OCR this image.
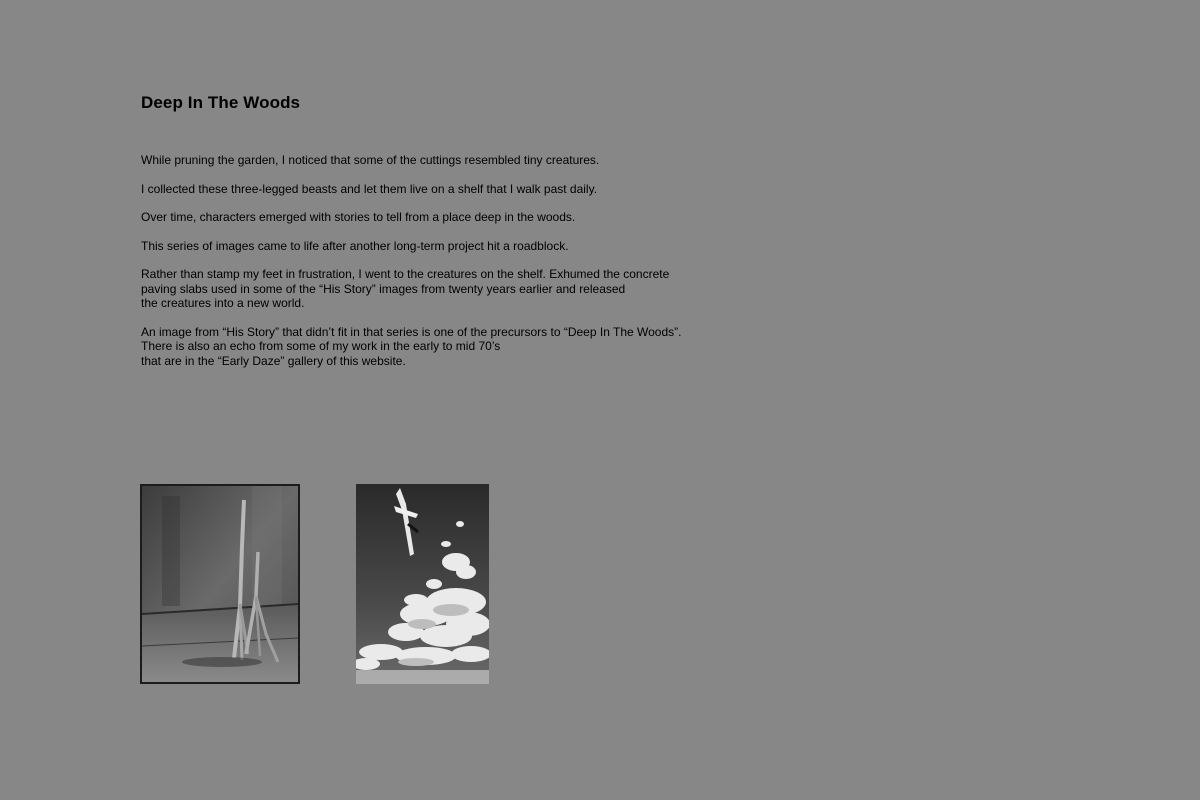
Deep In The Woods

While pruning the garden, I noticed that some of the cuttings resembled tiny creatures.

I collected these three-legged beasts and let them live on a shelf that I walk past daily.

Over time, characters emerged with stories to tell from a place deep in the woods.

This series of images came to life after another long-term project hit a roadblock.

Rather than stamp my feet in frustration, I went to the creatures on the shelf. Exhumed the concrete
paving slabs used in some of the “His Story” images from twenty years earlier and released
the creatures into a new world.

An image from “His Story” that didn’t fit in that series is one of the precursors to “Deep In The Woods”.
There is also an echo from some of my work in the early to mid 70’s
that are in the “Early Daze” gallery of this website.
